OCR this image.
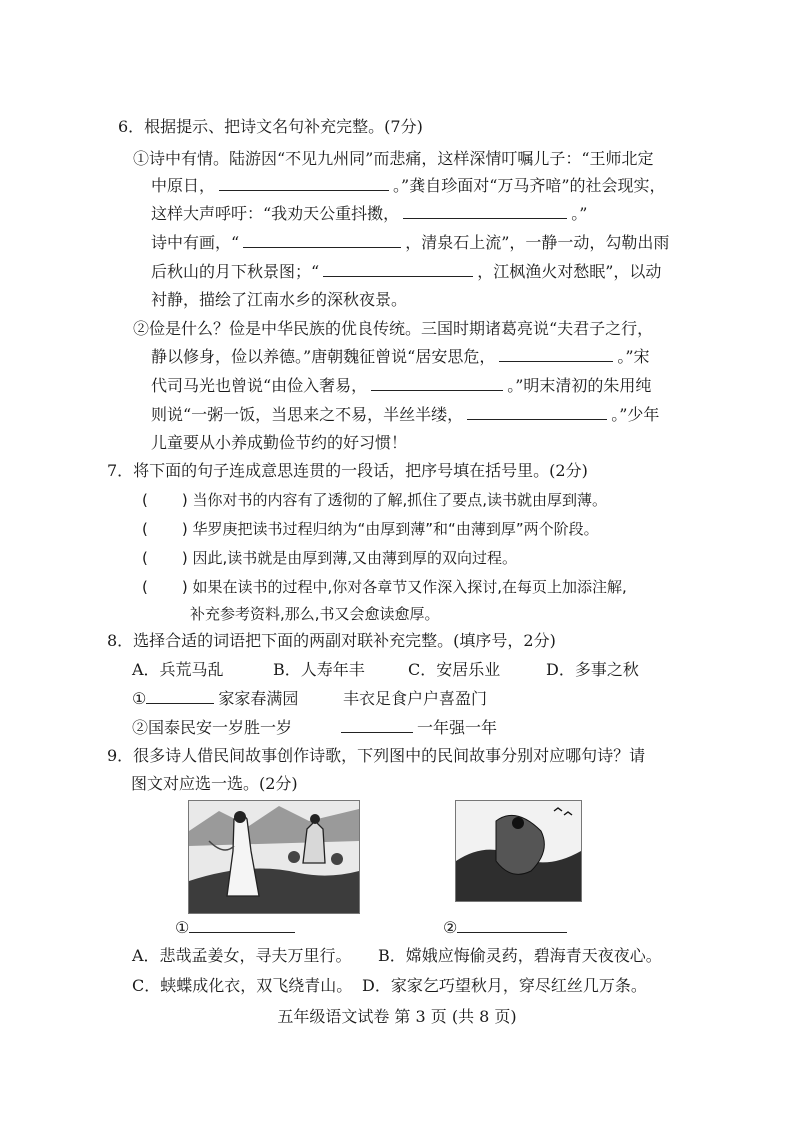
6．根据提示、把诗文名句补充完整。(7分)
①诗中有情。陆游因“不见九州同”而悲痛，这样深情叮嘱儿子：“王师北定
中原日，	。”龚自珍面对“万马齐喑”的社会现实，
这样大声呼吁：“我劝天公重抖擞，	。”
诗中有画，“	，清泉石上流”，一静一动，勾勒出雨
后秋山的月下秋景图；“	，江枫渔火对愁眠”，以动
衬静，描绘了江南水乡的深秋夜景。
②俭是什么？俭是中华民族的优良传统。三国时期诸葛亮说“夫君子之行，
静以修身，俭以养德。”唐朝魏征曾说“居安思危，	。”宋
代司马光也曾说“由俭入奢易，	。”明末清初的朱用纯
则说“一粥一饭，当思来之不易，半丝半缕，	。”少年
儿童要从小养成勤俭节约的好习惯！
7．将下面的句子连成意思连贯的一段话，把序号填在括号里。(2分)
( ) 当你对书的内容有了透彻的了解,抓住了要点,读书就由厚到薄。
( ) 华罗庚把读书过程归纳为“由厚到薄”和“由薄到厚”两个阶段。
( ) 因此,读书就是由厚到薄,又由薄到厚的双向过程。
( ) 如果在读书的过程中,你对各章节又作深入探讨,在每页上加添注解,
补充参考资料,那么,书又会愈读愈厚。
8．选择合适的词语把下面的两副对联补充完整。(填序号，2分)
A．兵荒马乱	B．人寿年丰	C．安居乐业	D．多事之秋
①	家家春满园	丰衣足食户户喜盈门
②国泰民安一岁胜一岁	一年强一年
9．很多诗人借民间故事创作诗歌，下列图中的民间故事分别对应哪句诗？请
图文对应选一选。(2分)
①	②
A．悲哉孟姜女，寻夫万里行。 B．嫦娥应悔偷灵药，碧海青天夜夜心。
C．蛱蝶成化衣，双飞绕青山。 D．家家乞巧望秋月，穿尽红丝几万条。
五年级语文试卷 第 3 页 (共 8 页)
